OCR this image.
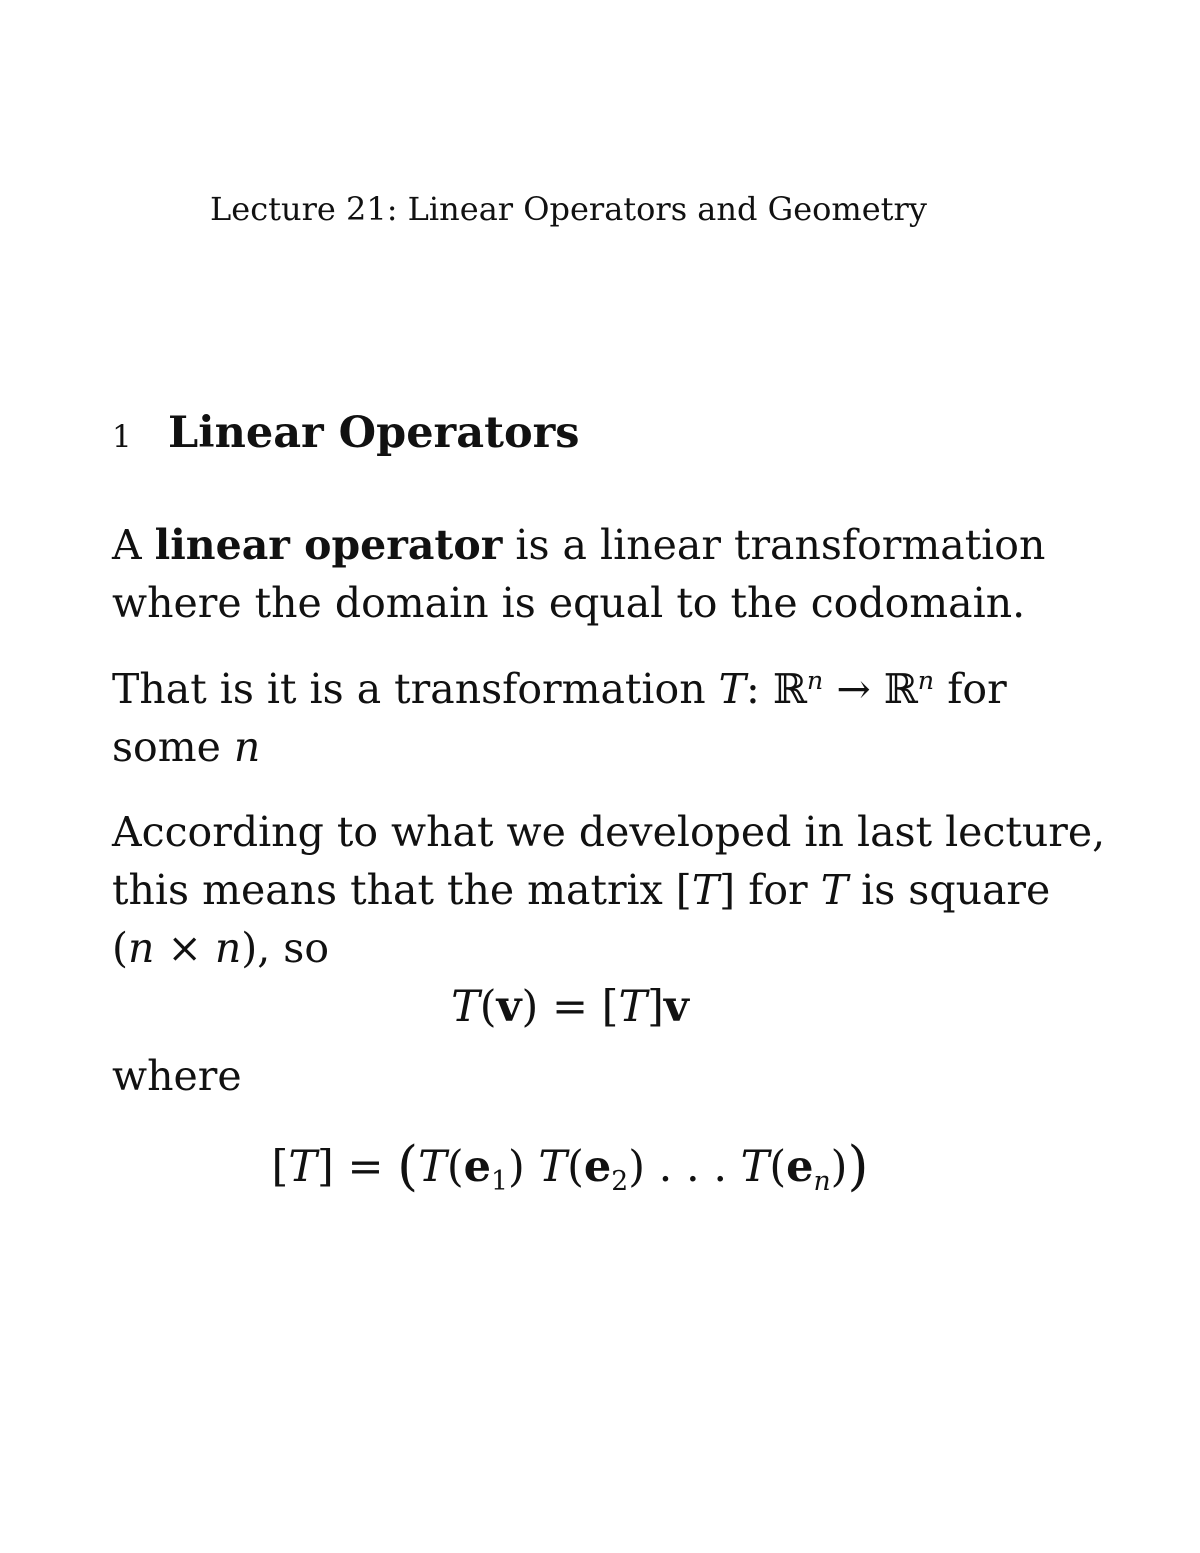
Lecture 21: Linear Operators and Geometry
1 Linear Operators
A linear operator is a linear transformation
where the domain is equal to the codomain.
That is it is a transformation T: ℝ$^n$ → ℝ$^n$ for
some n
According to what we developed in last lecture,
this means that the matrix [T] for T is square
(n × n), so
T(v) = [T]v
where
$[T] = (T(e_1)$ $T(e_2)$ . . . $T(e_n)$)
